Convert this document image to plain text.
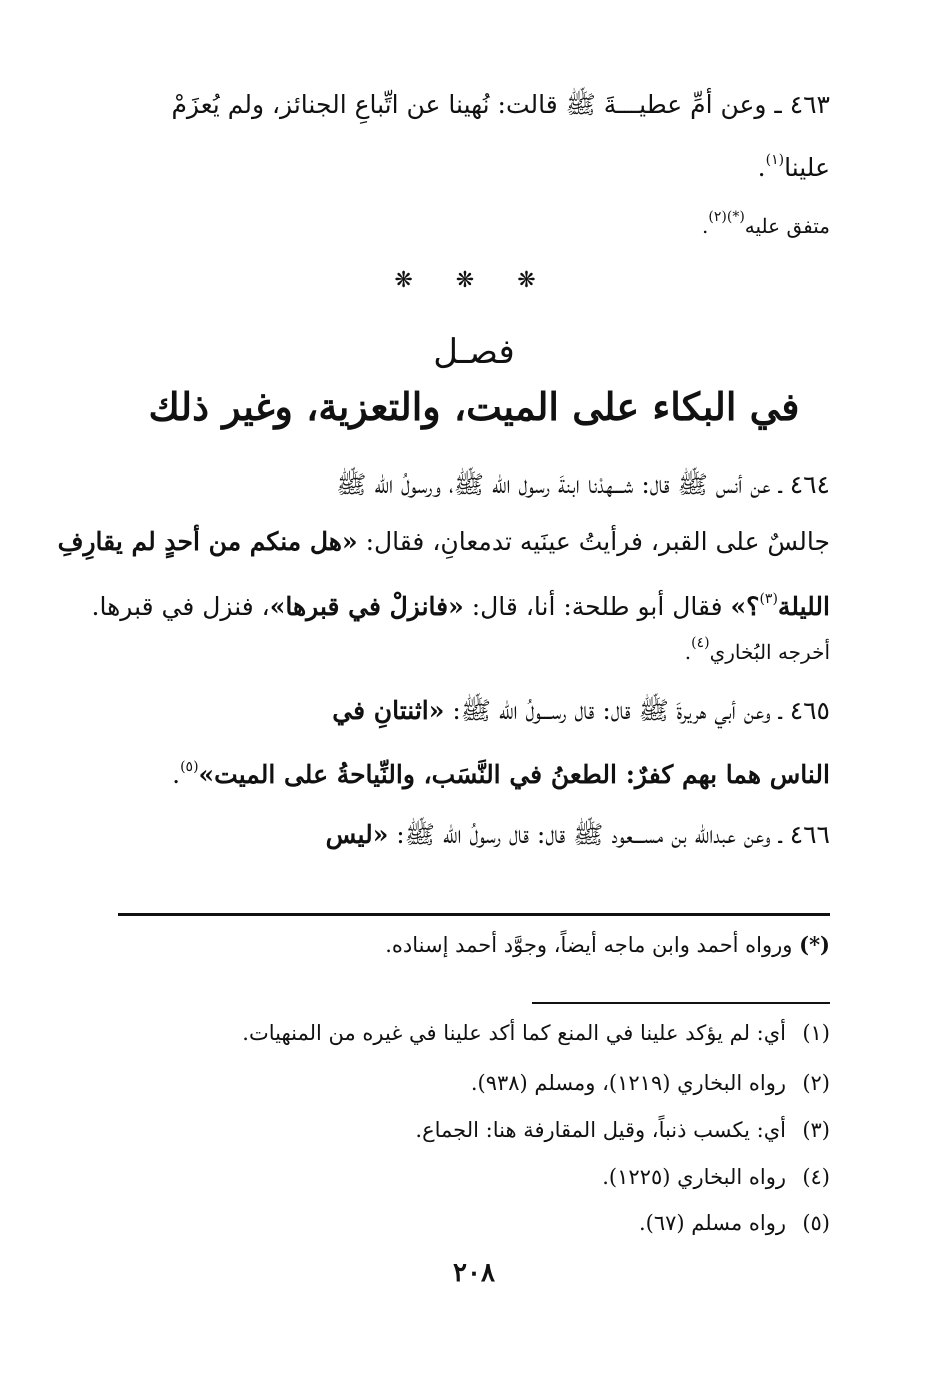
٤٦٣ ـ وعن أمِّ عطيـــةَ ﷺ قالت: نُهينا عن اتِّباعِ الجنائز، ولم يُعزَمْ
علينا$^{(١)}$.
متفق عليه$^{(*)(٢)}$.
❋ ❋ ❋
فصـل
في البكاء على الميت، والتعزية، وغير ذلك
٤٦٤ ـ عن أنس ﷺ قال: شـــهدْنا ابنةَ رسول الله ﷺ، ورسولُ الله ﷺ
جالسٌ على القبر، فرأيتُ عينَيه تدمعانِ، فقال: «هل منكم من أحدٍ لم يقارِفِ
الليلة$^{(٣)}$؟» فقال أبو طلحة: أنا، قال: «فانزلْ في قبرها»، فنزل في قبرها.
أخرجه البُخاري$^{(٤)}$.
٤٦٥ ـ وعن أبي هريرةَ ﷺ قال: قال رســـولُ الله ﷺ: «اثنتانِ في
الناس هما بهم كفرٌ: الطعنُ في النَّسَب، والنِّياحةُ على الميت»$^{(٥)}$.
٤٦٦ ـ وعن عبدالله بن مســـعود ﷺ قال: قال رسولُ الله ﷺ: «ليس
(*) ورواه أحمد وابن ماجه أيضاً، وجوَّد أحمد إسناده.
(١)أي: لم يؤكد علينا في المنع كما أكد علينا في غيره من المنهيات.
(٢)رواه البخاري (١٢١٩)، ومسلم (٩٣٨).
(٣)أي: يكسب ذنباً، وقيل المقارفة هنا: الجماع.
(٤)رواه البخاري (١٢٢٥).
(٥)رواه مسلم (٦٧).
٢٠٨
